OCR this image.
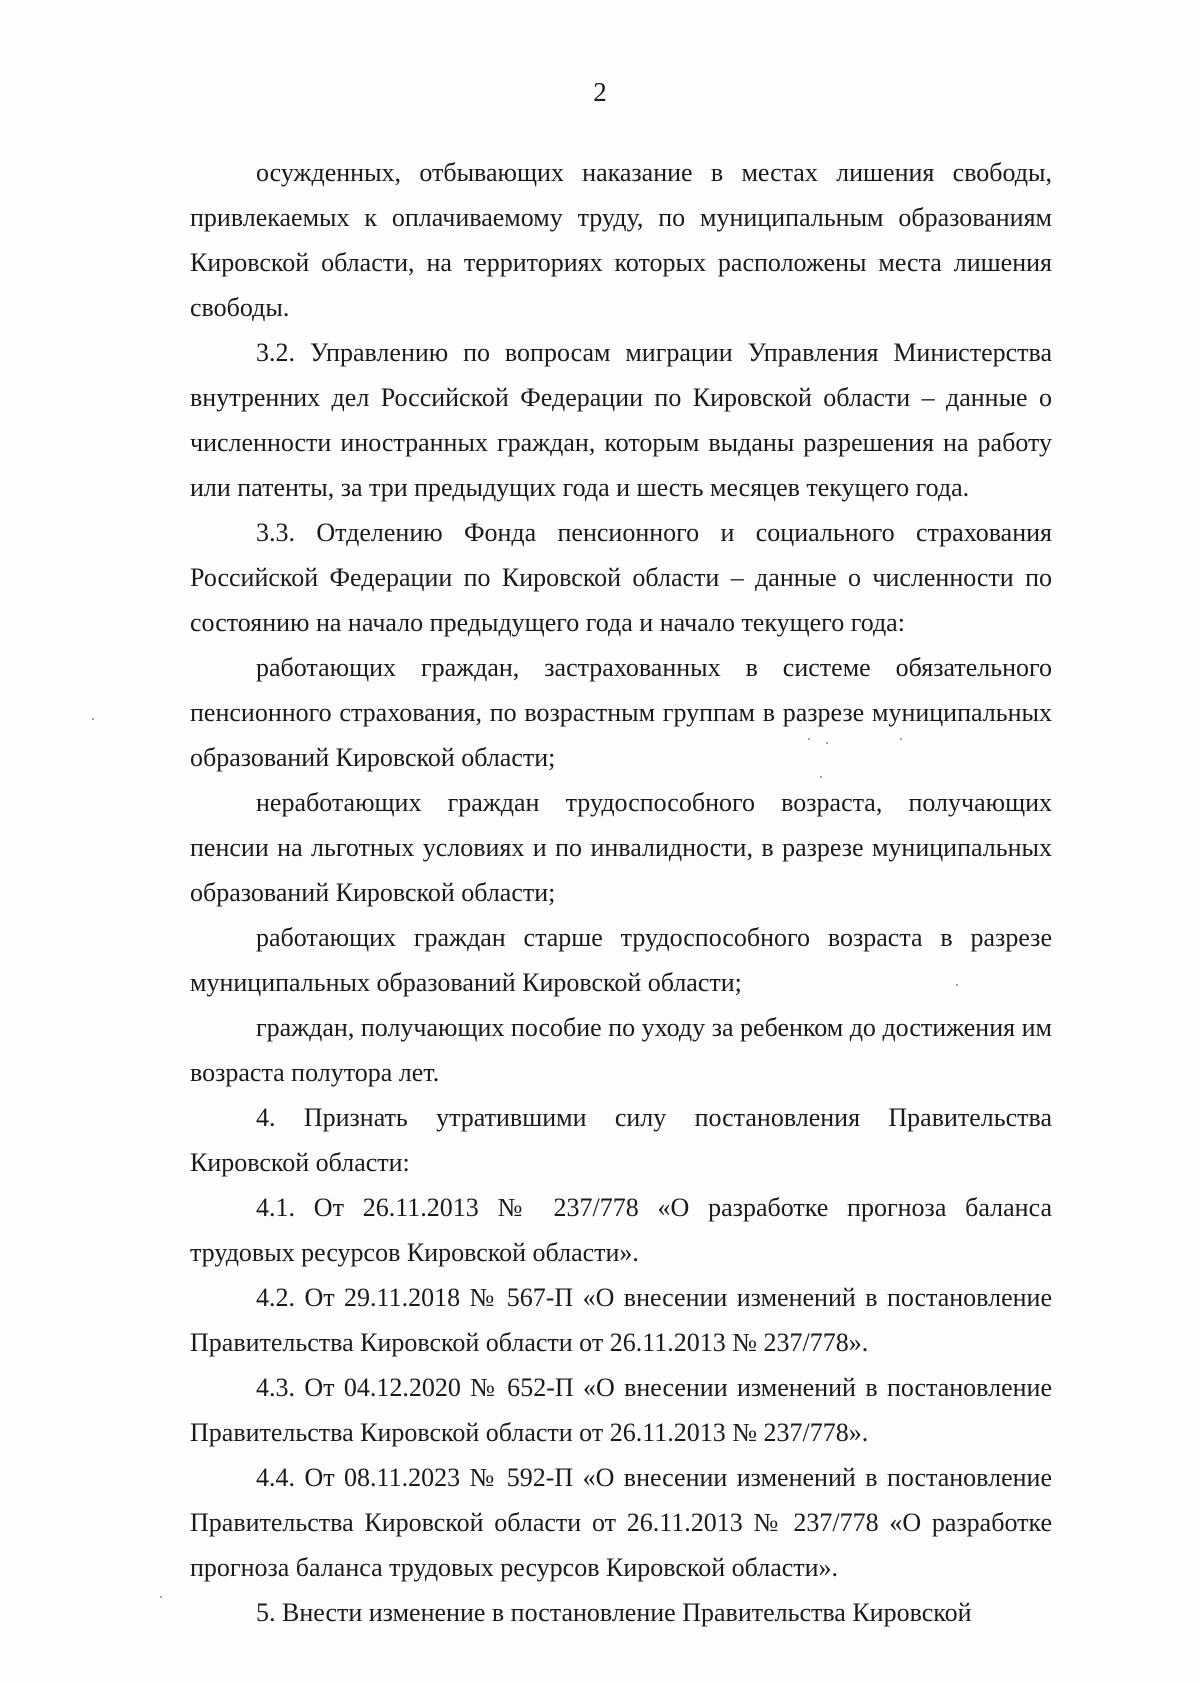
2

осужденных, отбывающих наказание в местах лишения свободы, привлекаемых к оплачиваемому труду, по муниципальным образованиям Кировской области, на территориях которых расположены места лишения свободы.

3.2. Управлению по вопросам миграции Управления Министерства внутренних дел Российской Федерации по Кировской области – данные о численности иностранных граждан, которым выданы разрешения на работу или патенты, за три предыдущих года и шесть месяцев текущего года.

3.3. Отделению Фонда пенсионного и социального страхования Российской Федерации по Кировской области – данные о численности по состоянию на начало предыдущего года и начало текущего года:

работающих граждан, застрахованных в системе обязательного пенсионного страхования, по возрастным группам в разрезе муниципальных образований Кировской области;

неработающих граждан трудоспособного возраста, получающих пенсии на льготных условиях и по инвалидности, в разрезе муниципальных образований Кировской области;

работающих граждан старше трудоспособного возраста в разрезе муниципальных образований Кировской области;

граждан, получающих пособие по уходу за ребенком до достижения им возраста полутора лет.

4. Признать утратившими силу постановления Правительства Кировской области:

4.1. От 26.11.2013 № 237/778 «О разработке прогноза баланса трудовых ресурсов Кировской области».

4.2. От 29.11.2018 № 567-П «О внесении изменений в постановление Правительства Кировской области от 26.11.2013 № 237/778».

4.3. От 04.12.2020 № 652-П «О внесении изменений в постановление Правительства Кировской области от 26.11.2013 № 237/778».

4.4. От 08.11.2023 № 592-П «О внесении изменений в постановление Правительства Кировской области от 26.11.2013 № 237/778 «О разработке прогноза баланса трудовых ресурсов Кировской области».

5. Внести изменение в постановление Правительства Кировской
